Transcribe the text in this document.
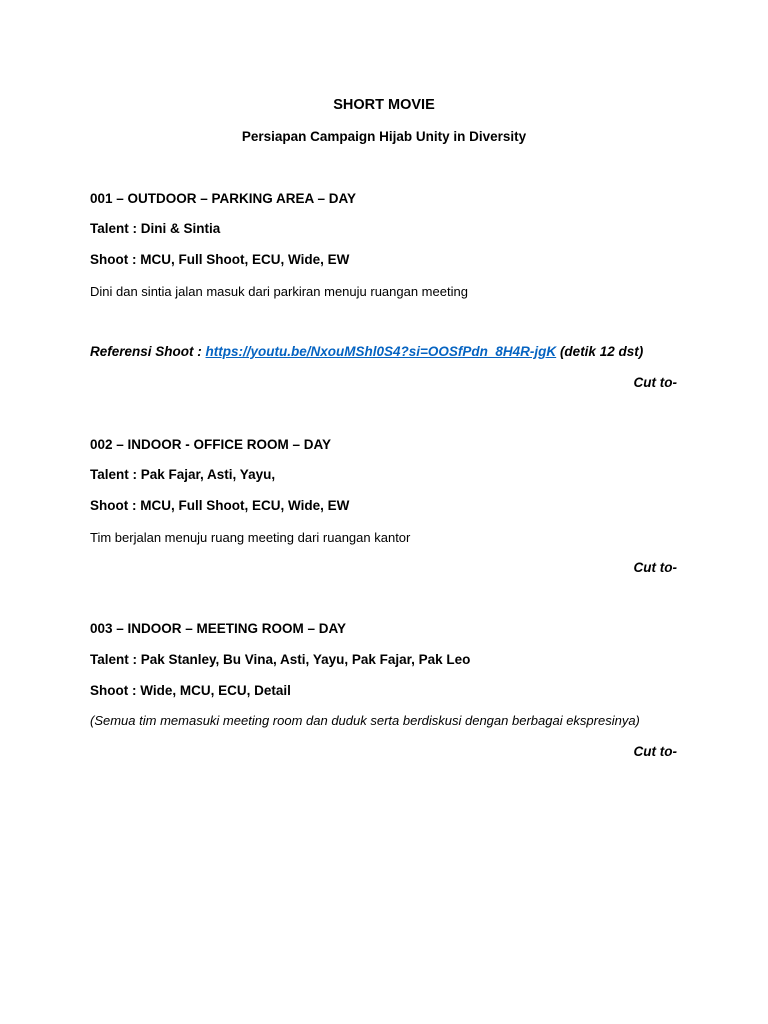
SHORT MOVIE
Persiapan Campaign Hijab Unity in Diversity
001 – OUTDOOR – PARKING AREA – DAY
Talent : Dini & Sintia
Shoot : MCU, Full Shoot, ECU, Wide, EW
Dini dan sintia jalan masuk dari parkiran menuju ruangan meeting
Referensi Shoot : https://youtu.be/NxouMShl0S4?si=OOSfPdn_8H4R-jgK (detik 12 dst)
Cut to-
002 – INDOOR - OFFICE ROOM – DAY
Talent : Pak Fajar, Asti, Yayu,
Shoot : MCU, Full Shoot, ECU, Wide, EW
Tim berjalan menuju ruang meeting dari ruangan kantor
Cut to-
003 – INDOOR – MEETING ROOM – DAY
Talent : Pak Stanley, Bu Vina, Asti, Yayu, Pak Fajar, Pak Leo
Shoot : Wide, MCU, ECU, Detail
(Semua tim memasuki meeting room dan duduk serta berdiskusi dengan berbagai ekspresinya)
Cut to-
